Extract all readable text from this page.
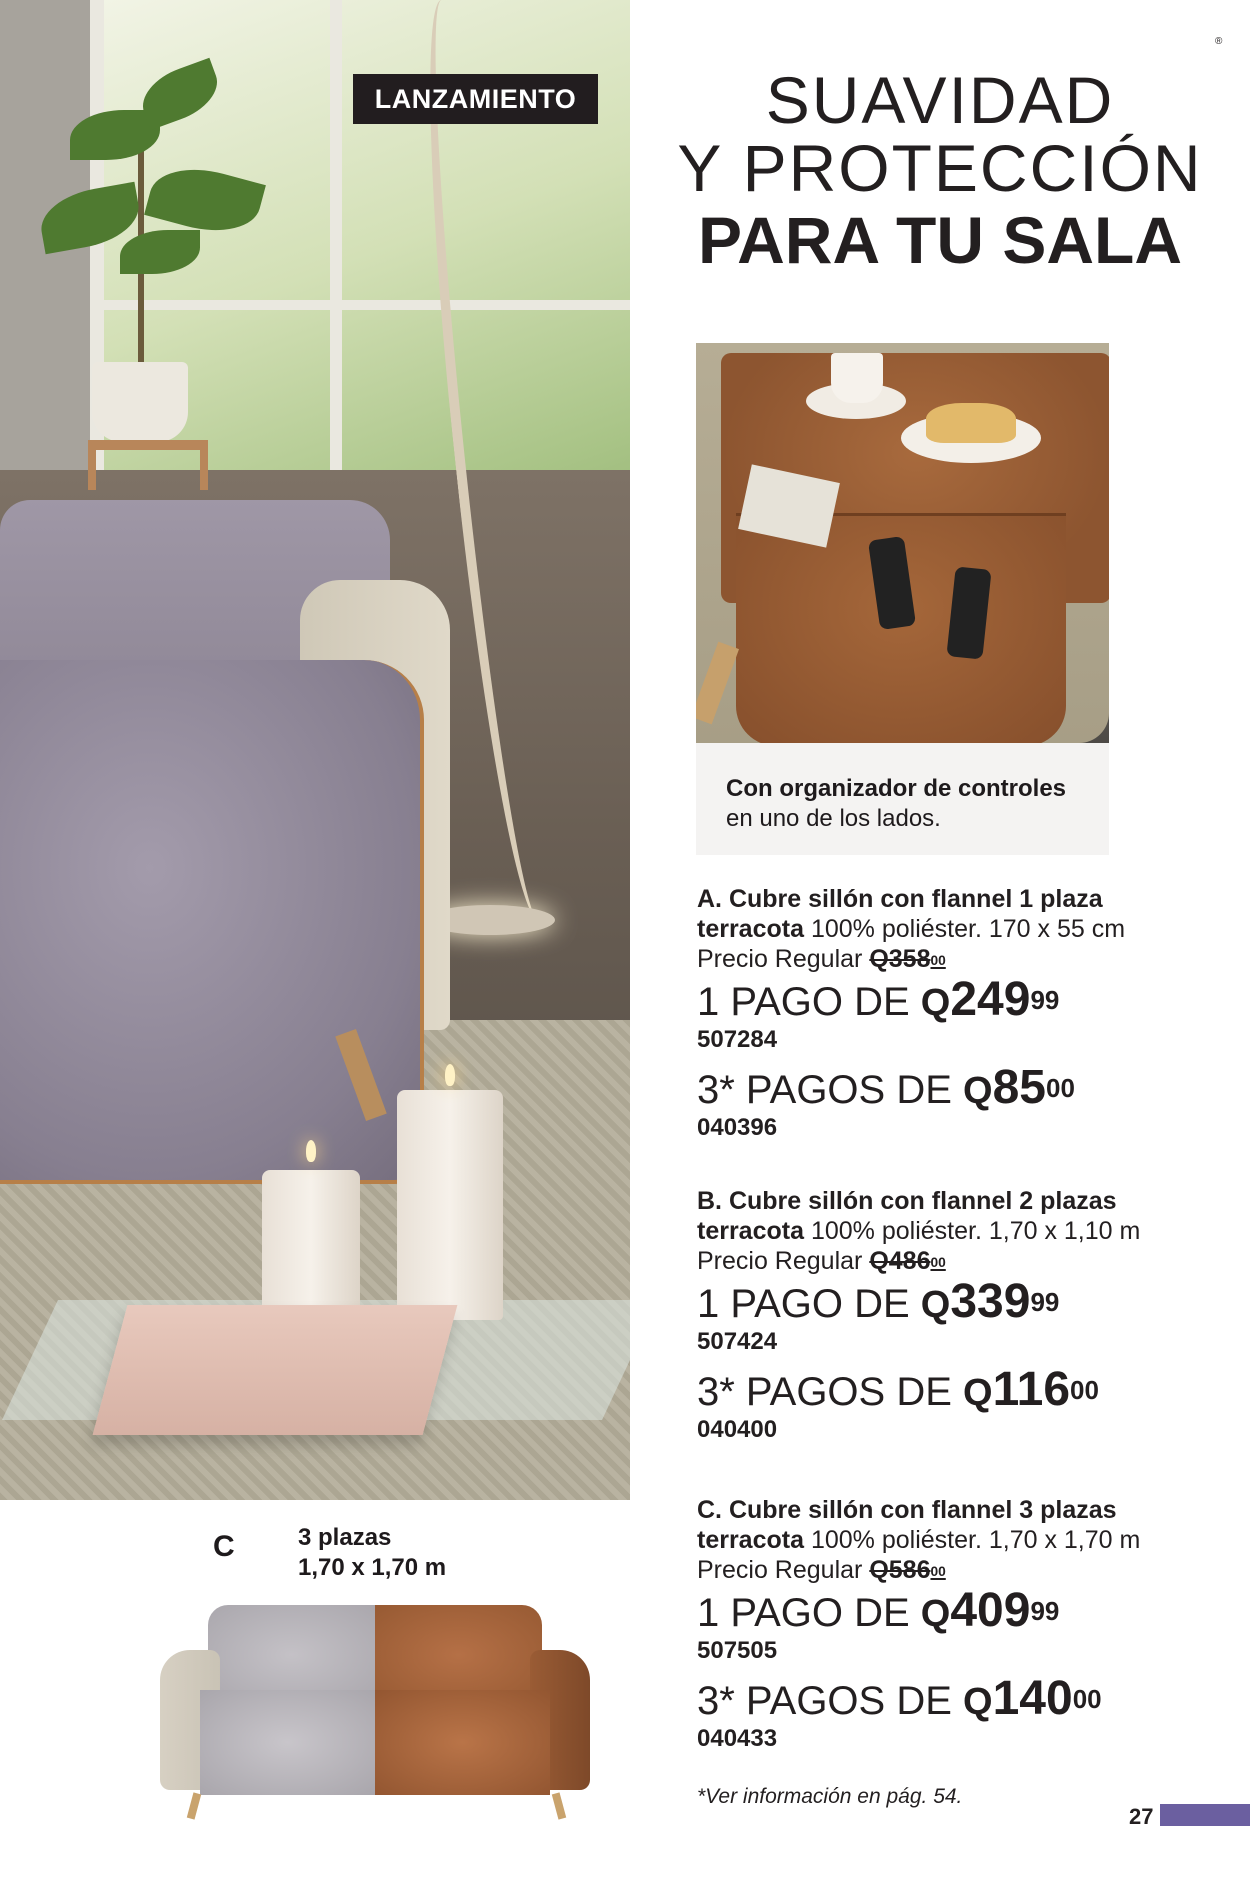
LANZAMIENTO
®
SUAVIDAD
Y PROTECCIÓN
PARA TU SALA
Con organizador de controles
en uno de los lados.
A. Cubre sillón con flannel 1 plaza
terracota 100% poliéster. 170 x 55 cm
Precio Regular $Q358^{00}$
1 PAGO DE $Q249^{99}$
507284
3* PAGOS DE $Q85^{00}$
040396
B. Cubre sillón con flannel 2 plazas
terracota 100% poliéster. 1,70 x 1,10 m
Precio Regular $Q486^{00}$
1 PAGO DE $Q339^{99}$
507424
3* PAGOS DE $Q116^{00}$
040400
C. Cubre sillón con flannel 3 plazas
terracota 100% poliéster. 1,70 x 1,70 m
Precio Regular $Q586^{00}$
1 PAGO DE $Q409^{99}$
507505
3* PAGOS DE $Q140^{00}$
040433
C	3 plazas
1,70 x 1,70 m
*Ver información en pág. 54.
27
